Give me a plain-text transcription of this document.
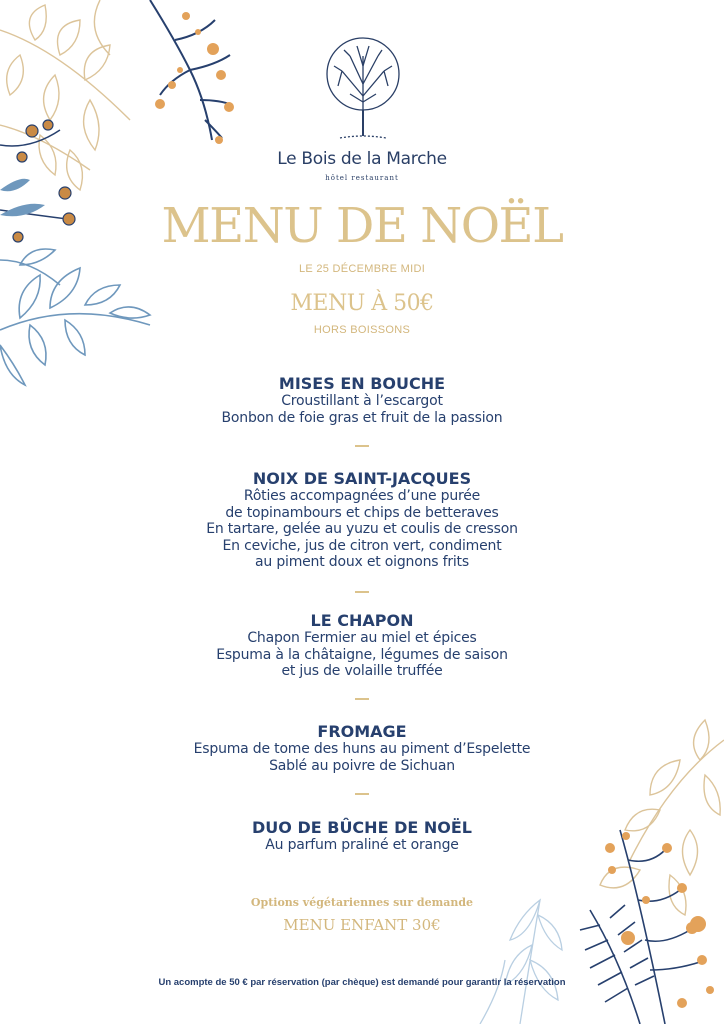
Le Bois de la Marche
hôtel restaurant
MENU DE NOËL
LE 25 DÉCEMBRE MIDI
MENU À 50€
HORS BOISSONS
MISES EN BOUCHE
Croustillant à l’escargot
Bonbon de foie gras et fruit de la passion
NOIX DE SAINT-JACQUES
Rôties accompagnées d’une purée
de topinambours et chips de betteraves
En tartare, gelée au yuzu et coulis de cresson
En ceviche, jus de citron vert, condiment
au piment doux et oignons frits
LE CHAPON
Chapon Fermier au miel et épices
Espuma à la châtaigne, légumes de saison
et jus de volaille truffée
FROMAGE
Espuma de tome des huns au piment d’Espelette
Sablé au poivre de Sichuan
DUO DE BÛCHE DE NOËL
Au parfum praliné et orange
Options végétariennes sur demande
MENU ENFANT 30€
Un acompte de 50 € par réservation (par chèque) est demandé pour garantir la réservation
